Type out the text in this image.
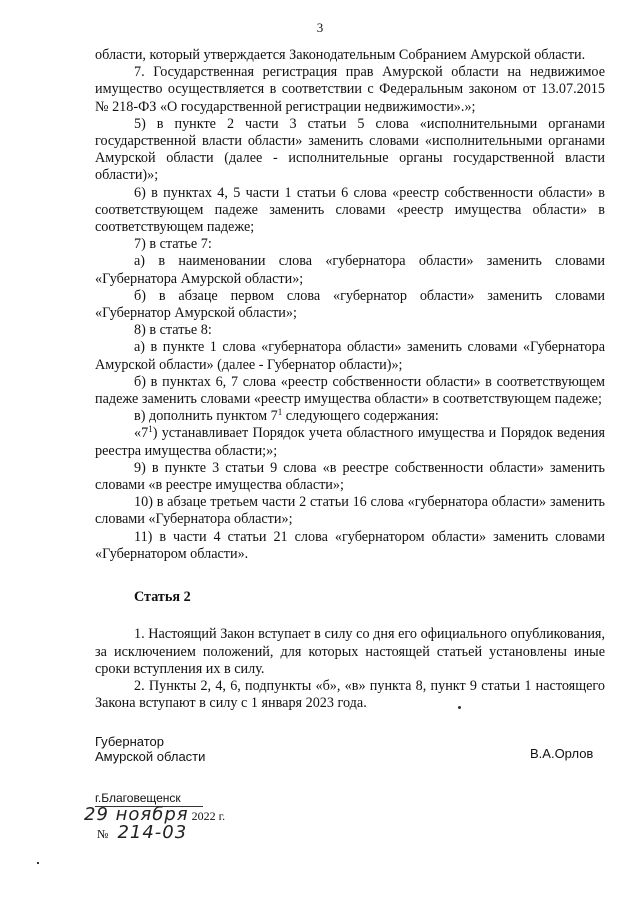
3

области, который утверждается Законодательным Собранием Амурской области.

7. Государственная регистрация прав Амурской области на недвижимое имущество осуществляется в соответствии с Федеральным законом от 13.07.2015 № 218-ФЗ «О государственной регистрации недвижимости».»;

5) в пункте 2 части 3 статьи 5 слова «исполнительными органами государственной власти области» заменить словами «исполнительными органами Амурской области (далее - исполнительные органы государственной власти области)»;

6) в пунктах 4, 5 части 1 статьи 6 слова «реестр собственности области» в соответствующем падеже заменить словами «реестр имущества области» в соответствующем падеже;

7) в статье 7:

а) в наименовании слова «губернатора области» заменить словами «Губернатора Амурской области»;

б) в абзаце первом слова «губернатор области» заменить словами «Губернатор Амурской области»;

8) в статье 8:

а) в пункте 1 слова «губернатора области» заменить словами «Губернатора Амурской области» (далее - Губернатор области)»;

б) в пунктах 6, 7 слова «реестр собственности области» в соответствующем падеже заменить словами «реестр имущества области» в соответствующем падеже;

в) дополнить пунктом $7^1$ следующего содержания:

«$7^1$) устанавливает Порядок учета областного имущества и Порядок ведения реестра имущества области;»;

9) в пункте 3 статьи 9 слова «в реестре собственности области» заменить словами «в реестре имущества области»;

10) в абзаце третьем части 2 статьи 16 слова «губернатора области» заменить словами «Губернатора области»;

11) в части 4 статьи 21 слова «губернатором области» заменить словами «Губернатором области».

Статья 2

1. Настоящий Закон вступает в силу со дня его официального опубликования, за исключением положений, для которых настоящей статьей установлены иные сроки вступления их в силу.

2. Пункты 2, 4, 6, подпункты «б», «в» пункта 8, пункт 9 статьи 1 настоящего Закона вступают в силу с 1 января 2023 года.

Губернатор
Амурской области	В.А.Орлов
г.Благовещенск
29 ноября 2022 г.
№ 214-03
